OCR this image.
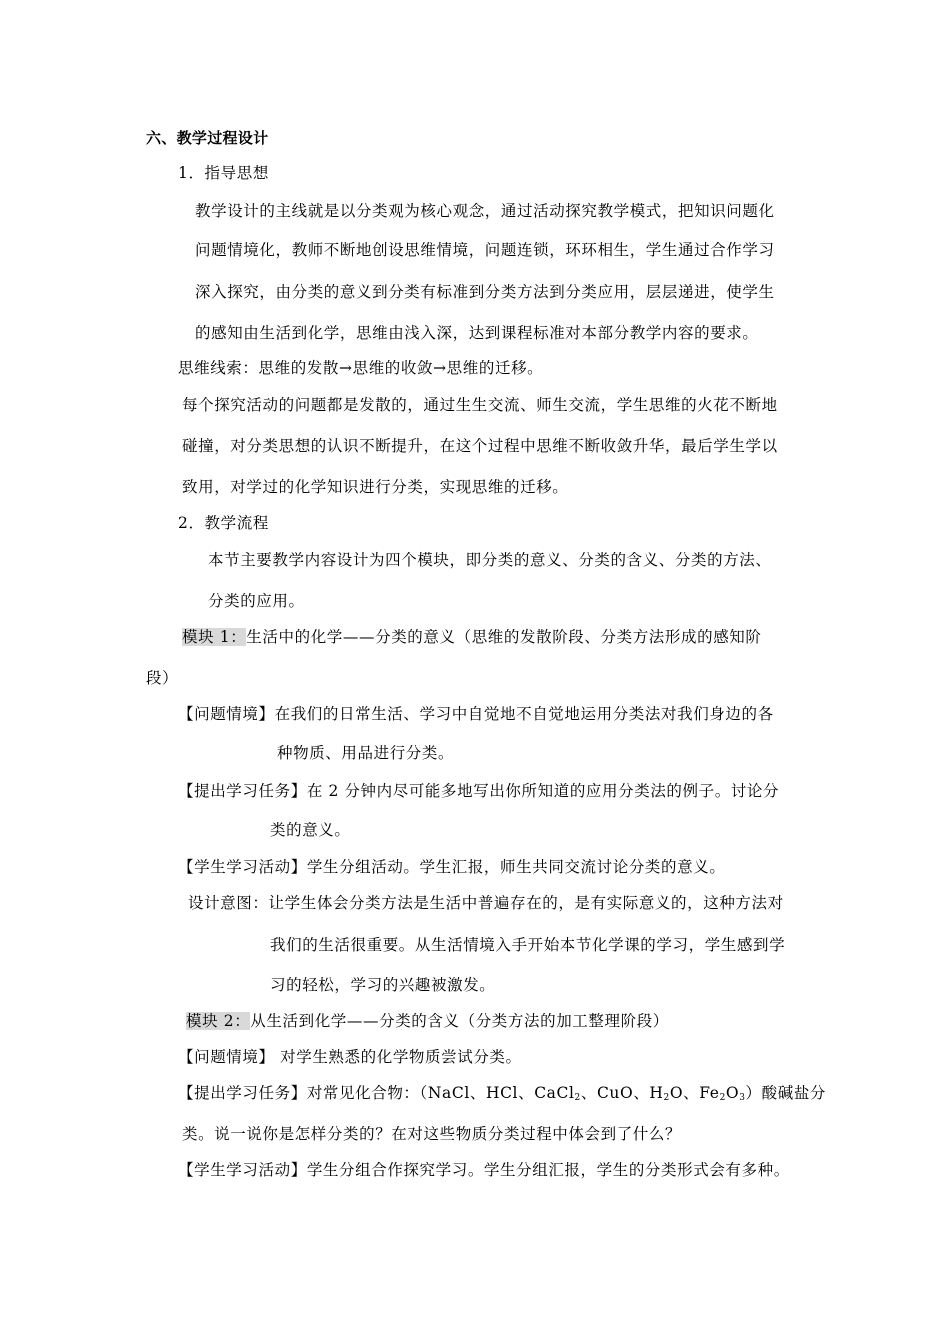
六、教学过程设计
1．指导思想
教学设计的主线就是以分类观为核心观念，通过活动探究教学模式，把知识问题化
问题情境化，教师不断地创设思维情境，问题连锁，环环相生，学生通过合作学习
深入探究，由分类的意义到分类有标准到分类方法到分类应用，层层递进，使学生
的感知由生活到化学，思维由浅入深，达到课程标准对本部分教学内容的要求。
思维线索：思维的发散→思维的收敛→思维的迁移。
每个探究活动的问题都是发散的，通过生生交流、师生交流，学生思维的火花不断地
碰撞，对分类思想的认识不断提升，在这个过程中思维不断收敛升华，最后学生学以
致用，对学过的化学知识进行分类，实现思维的迁移。
2．教学流程
本节主要教学内容设计为四个模块，即分类的意义、分类的含义、分类的方法、
分类的应用。
模块 1：生活中的化学——分类的意义（思维的发散阶段、分类方法形成的感知阶
段）
【问题情境】在我们的日常生活、学习中自觉地不自觉地运用分类法对我们身边的各
种物质、用品进行分类。
【提出学习任务】在 2 分钟内尽可能多地写出你所知道的应用分类法的例子。讨论分
类的意义。
【学生学习活动】学生分组活动。学生汇报，师生共同交流讨论分类的意义。
设计意图：让学生体会分类方法是生活中普遍存在的，是有实际意义的，这种方法对
我们的生活很重要。从生活情境入手开始本节化学课的学习，学生感到学
习的轻松，学习的兴趣被激发。
模块 2：从生活到化学——分类的含义（分类方法的加工整理阶段）
【问题情境】 对学生熟悉的化学物质尝试分类。
【提出学习任务】对常见化合物：（NaCl、HCl、CaCl$_2$、CuO、$H_2O$、$Fe_2O_3$）酸碱盐分
类。说一说你是怎样分类的？在对这些物质分类过程中体会到了什么？
【学生学习活动】学生分组合作探究学习。学生分组汇报，学生的分类形式会有多种。
